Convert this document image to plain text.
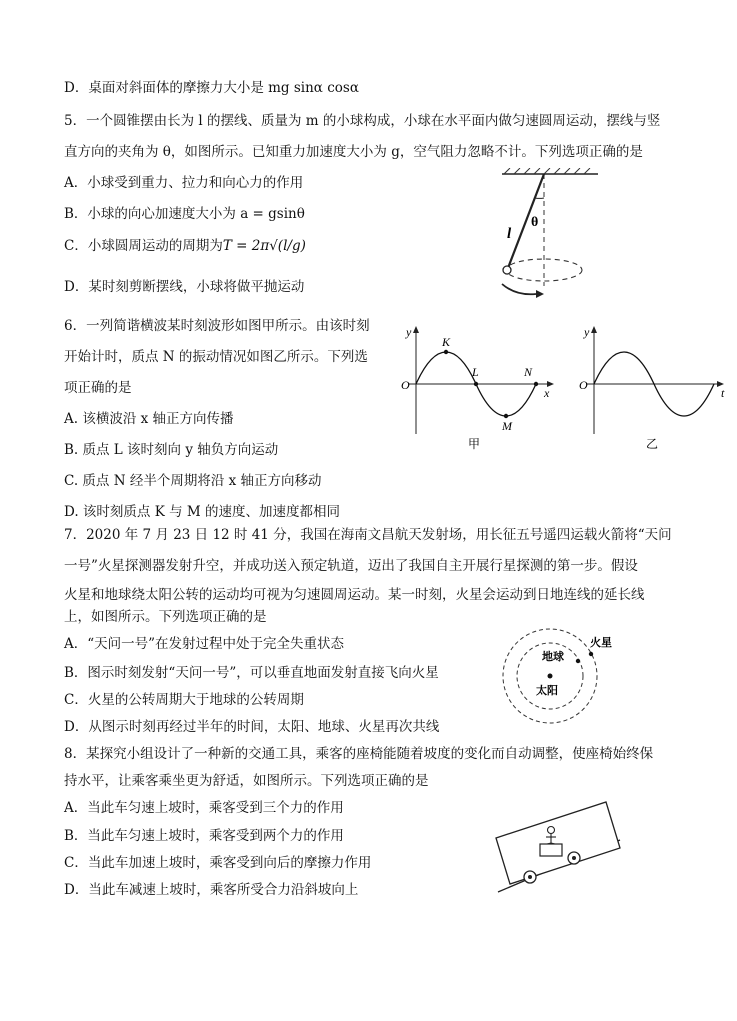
D．桌面对斜面体的摩擦力大小是 mg sinα cosα
5．一个圆锥摆由长为 l 的摆线、质量为 m 的小球构成，小球在水平面内做匀速圆周运动，摆线与竖
直方向的夹角为 θ，如图所示。已知重力加速度大小为 g，空气阻力忽略不计。下列选项正确的是
A．小球受到重力、拉力和向心力的作用
B．小球的向心加速度大小为 a = gsinθ
C．小球圆周运动的周期为T = 2π√(l/g)
D．某时刻剪断摆线，小球将做平抛运动
θ
l
6．一列简谐横波某时刻波形如图甲所示。由该时刻
开始计时，质点 N 的振动情况如图乙所示。下列选
项正确的是
A. 该横波沿 x 轴正方向传播
B. 质点 L 该时刻向 y 轴负方向运动
C. 质点 N 经半个周期将沿 x 轴正方向移动
D. 该时刻质点 K 与 M 的速度、加速度都相同
y
O
x
K
L
M
N
甲
y
O
t
乙
7．2020 年 7 月 23 日 12 时 41 分，我国在海南文昌航天发射场，用长征五号遥四运载火箭将“天问
一号”火星探测器发射升空，并成功送入预定轨道，迈出了我国自主开展行星探测的第一步。假设
火星和地球绕太阳公转的运动均可视为匀速圆周运动。某一时刻，火星会运动到日地连线的延长线
上，如图所示。下列选项正确的是
A．“天问一号”在发射过程中处于完全失重状态
B．图示时刻发射“天问一号”，可以垂直地面发射直接飞向火星
C．火星的公转周期大于地球的公转周期
D．从图示时刻再经过半年的时间，太阳、地球、火星再次共线
火星
地球
太阳
8．某探究小组设计了一种新的交通工具，乘客的座椅能随着坡度的变化而自动调整，使座椅始终保
持水平，让乘客乘坐更为舒适，如图所示。下列选项正确的是
A．当此车匀速上坡时，乘客受到三个力的作用
B．当此车匀速上坡时，乘客受到两个力的作用
C．当此车加速上坡时，乘客受到向后的摩擦力作用
D．当此车减速上坡时，乘客所受合力沿斜坡向上
